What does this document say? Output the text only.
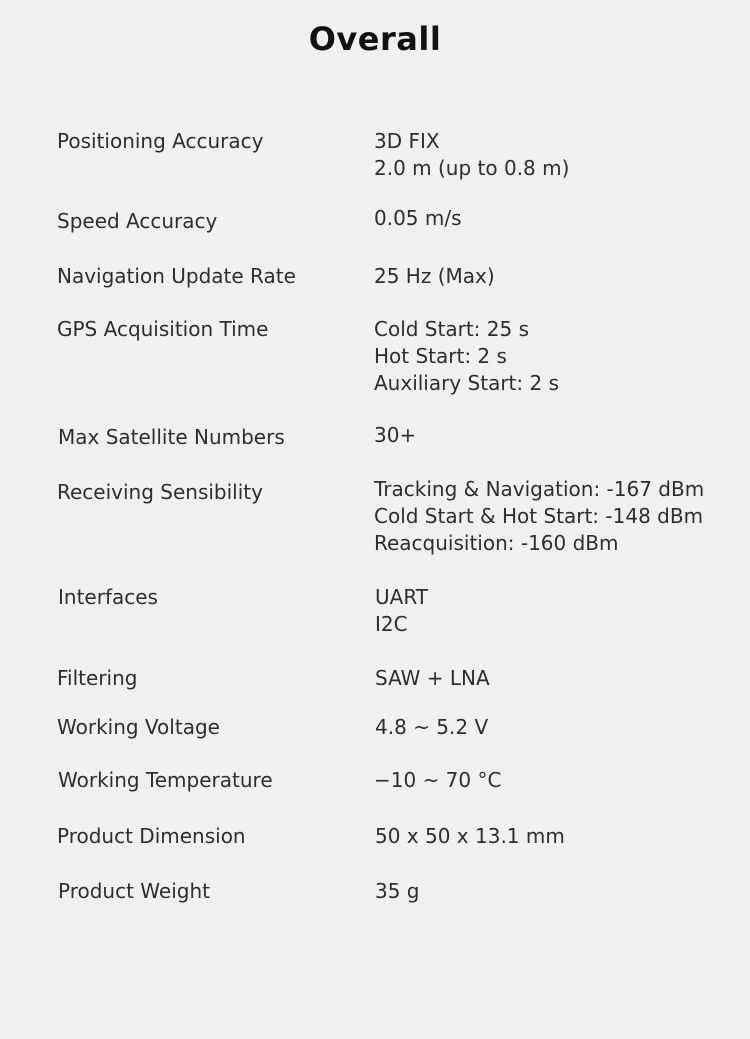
Overall
Positioning Accuracy	3D FIX
2.0 m (up to 0.8 m)
Speed Accuracy	0.05 m/s
Navigation Update Rate	25 Hz (Max)
GPS Acquisition Time	Cold Start: 25 s
Hot Start: 2 s
Auxiliary Start: 2 s
Max Satellite Numbers	30+
Receiving Sensibility	Tracking & Navigation: -167 dBm
Cold Start & Hot Start: -148 dBm
Reacquisition: -160 dBm
Interfaces	UART
I2C
Filtering	SAW + LNA
Working Voltage	4.8 ~ 5.2 V
Working Temperature	−10 ~ 70 °C
Product Dimension	50 x 50 x 13.1 mm
Product Weight	35 g
